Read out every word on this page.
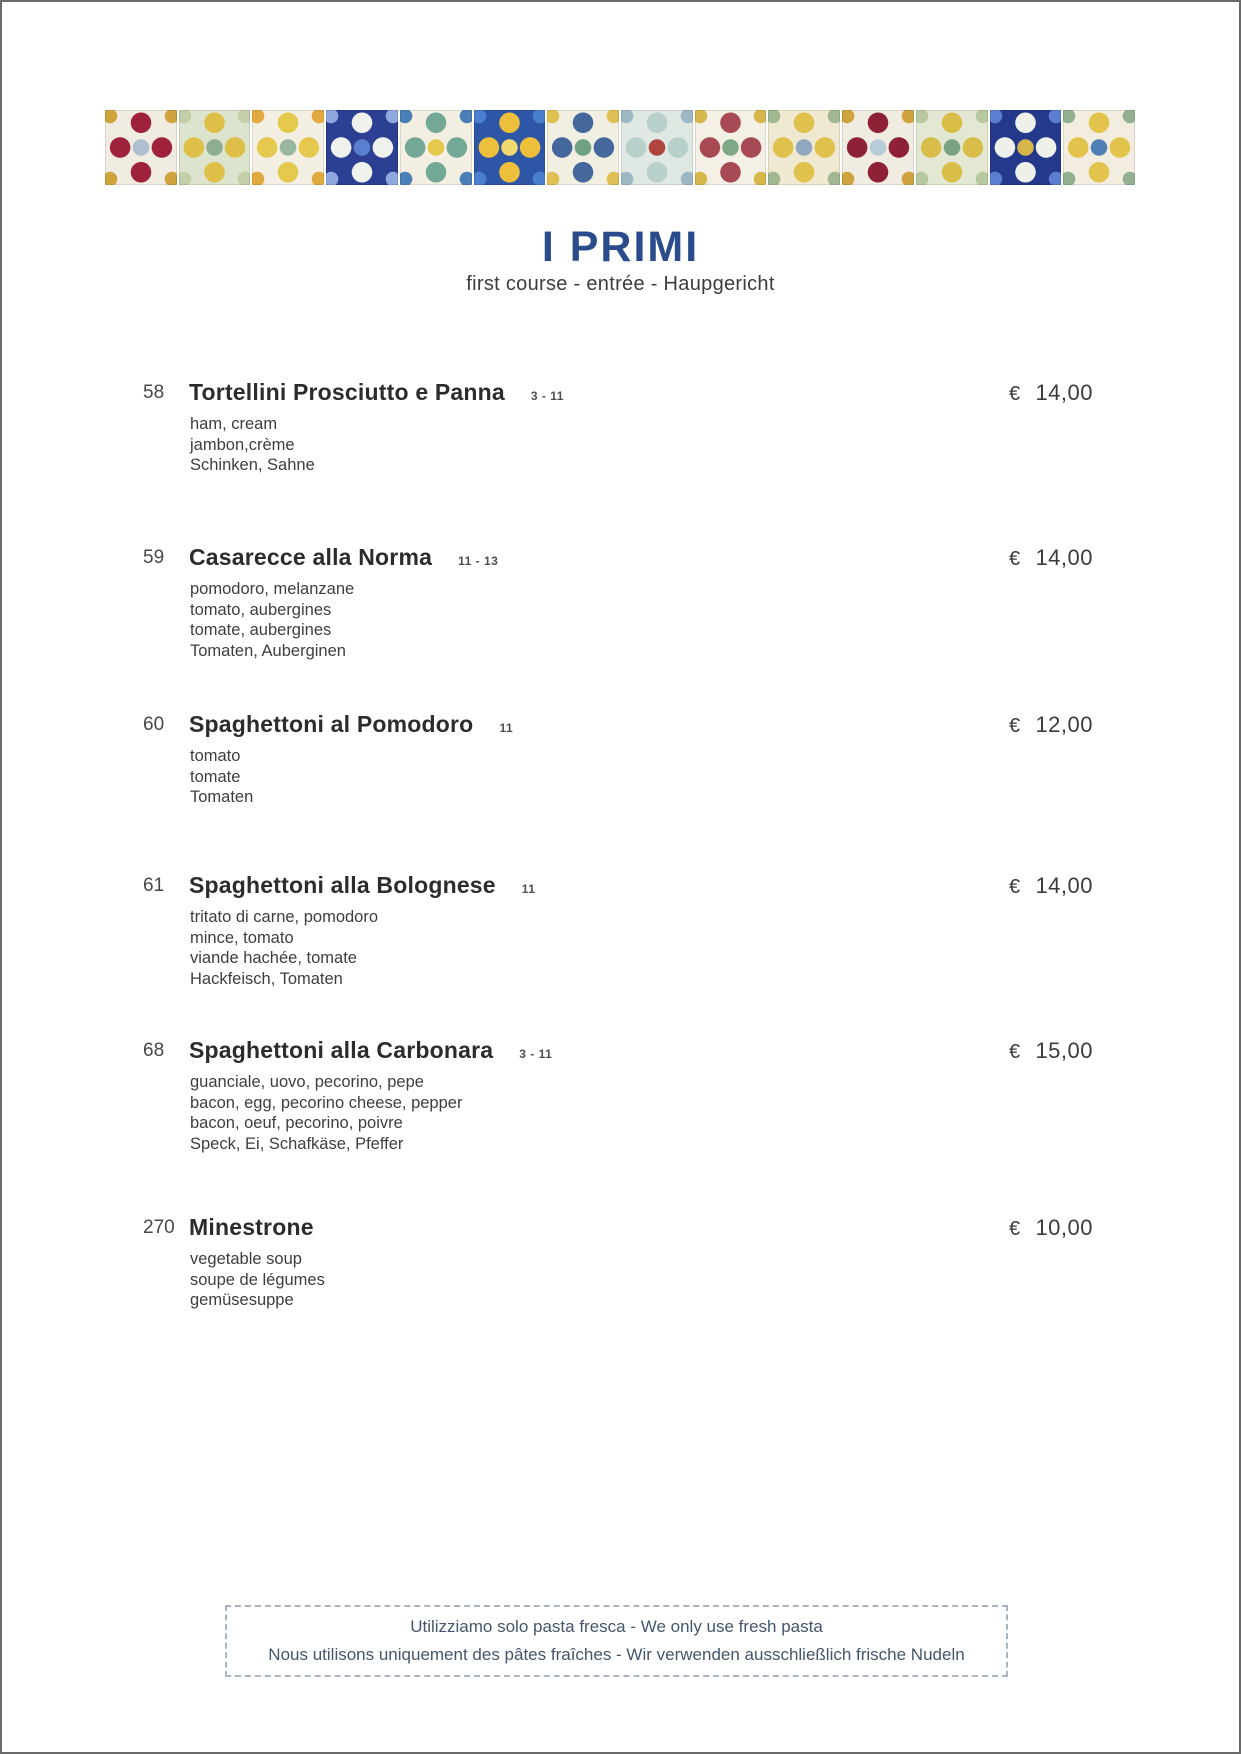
I PRIMI
first course - entrée - Haupgericht
58 Tortellini Prosciutto e Panna 3 - 11	€ 14,00
ham, cream
jambon,crème
Schinken, Sahne
59 Casarecce alla Norma 11 - 13	€ 14,00
pomodoro, melanzane
tomato, aubergines
tomate, aubergines
Tomaten, Auberginen
60 Spaghettoni al Pomodoro 11	€ 12,00
tomato
tomate
Tomaten
61 Spaghettoni alla Bolognese 11	€ 14,00
tritato di carne, pomodoro
mince, tomato
viande hachée, tomate
Hackfeisch, Tomaten
68 Spaghettoni alla Carbonara 3 - 11	€ 15,00
guanciale, uovo, pecorino, pepe
bacon, egg, pecorino cheese, pepper
bacon, oeuf, pecorino, poivre
Speck, Ei, Schafkäse, Pfeffer
270 Minestrone	€ 10,00
vegetable soup
soupe de légumes
gemüsesuppe

Utilizziamo solo pasta fresca - We only use fresh pasta

Nous utilisons uniquement des pâtes fraîches - Wir verwenden ausschließlich frische Nudeln
